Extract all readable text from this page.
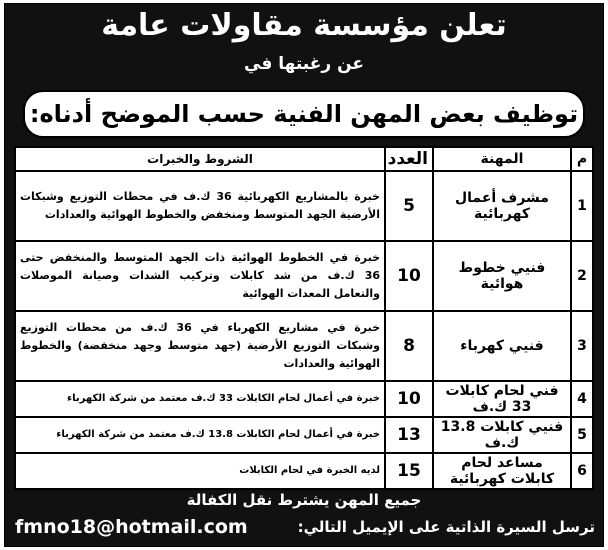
تعلن مؤسسة مقاولات عامة
عن رغبتها في
توظيف بعض المهن الفنية حسب الموضح أدناه:
م	المهنة	العدد	الشروط والخبرات
1	مشرف أعمال كهربائية	5	خبرة بالمشاريع الكهربائية 36 ك.ف في محطات التوزيع وشبكات الأرضية الجهد المتوسط ومنخفض والخطوط الهوائية والعدادات
2	فنيي خطوط هوائية	10	خبرة في الخطوط الهوائية ذات الجهد المتوسط والمنخفض حتى 36 ك.ف من شد كابلات وتركيب الشدات وصيانة الموصلات والتعامل المعدات الهوائية
3	فنيي كهرباء	8	خبرة في مشاريع الكهرباء في 36 ك.ف من محطات التوزيع وشبكات التوزيع الأرضية (جهد متوسط وجهد منخفضة) والخطوط الهوائية والعدادات
4	فني لحام كابلات 33 ك.ف	10	خبرة في أعمال لحام الكابلات 33 ك.ف معتمد من شركة الكهرباء
5	فنيي كابلات 13.8 ك.ف	13	خبرة في أعمال لحام الكابلات 13.8 ك.ف معتمد من شركة الكهرباء
6	مساعد لحام كابلات كهربائية	15	لديه الخبرة في لحام الكابلات
جميع المهن يشترط نقل الكفالة
ترسل السيرة الذاتية على الإيميل التالي:
fmno18@hotmail.com
